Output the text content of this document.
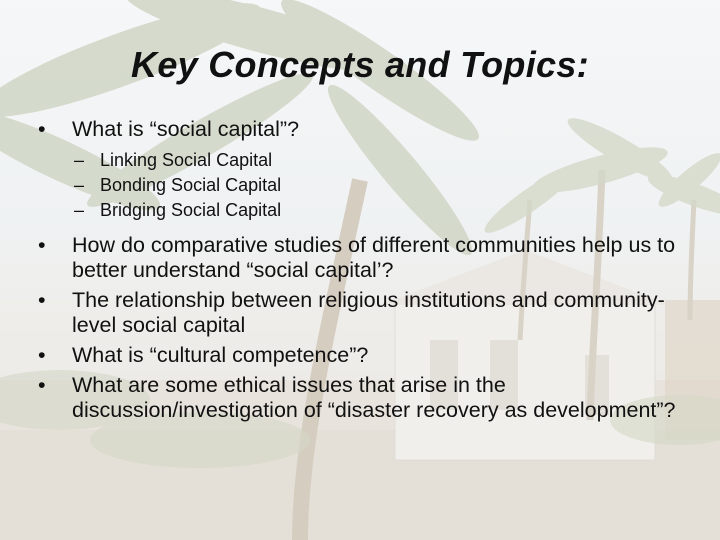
Key Concepts and Topics:
•	What is “social capital”?
– Linking Social Capital
– Bonding Social Capital
– Bridging Social Capital
•	How do comparative studies of different communities help us to better understand “social capital’?
•	The relationship between religious institutions and community-level social capital
•	What is “cultural competence”?
•	What are some ethical issues that arise in the discussion/investigation of “disaster recovery as development”?
